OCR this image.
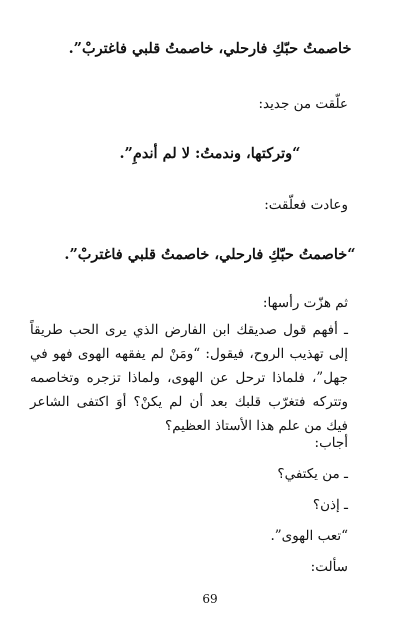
خاصمتُ حبّكِ فارحلي، خاصمتُ قلبي فاغتربْ”.
علّقت من جديد:
“وتركتها، وندمتُ: لا لم أندمِ”.
وعادت فعلّقت:
“خاصمتُ حبّكِ فارحلي، خاصمتُ قلبي فاغتربْ”.
ثم هزّت رأسها:
ـ أفهم قول صديقك ابن الفارض الذي يرى الحب طريقاً إلى تهذيب الروح، فيقول: “ومَنْ لم يفقهه الهوى فهو في جهل”، فلماذا ترحل عن الهوى، ولماذا تزجره وتخاصمه وتتركه فتغرّب قلبك بعد أن لم يكنْ؟ أوَ اكتفى الشاعر فيك من علم هذا الأستاذ العظيم؟
أجاب:
ـ من يكتفي؟
ـ إذن؟
“تعب الهوى”.
سألت:
69
